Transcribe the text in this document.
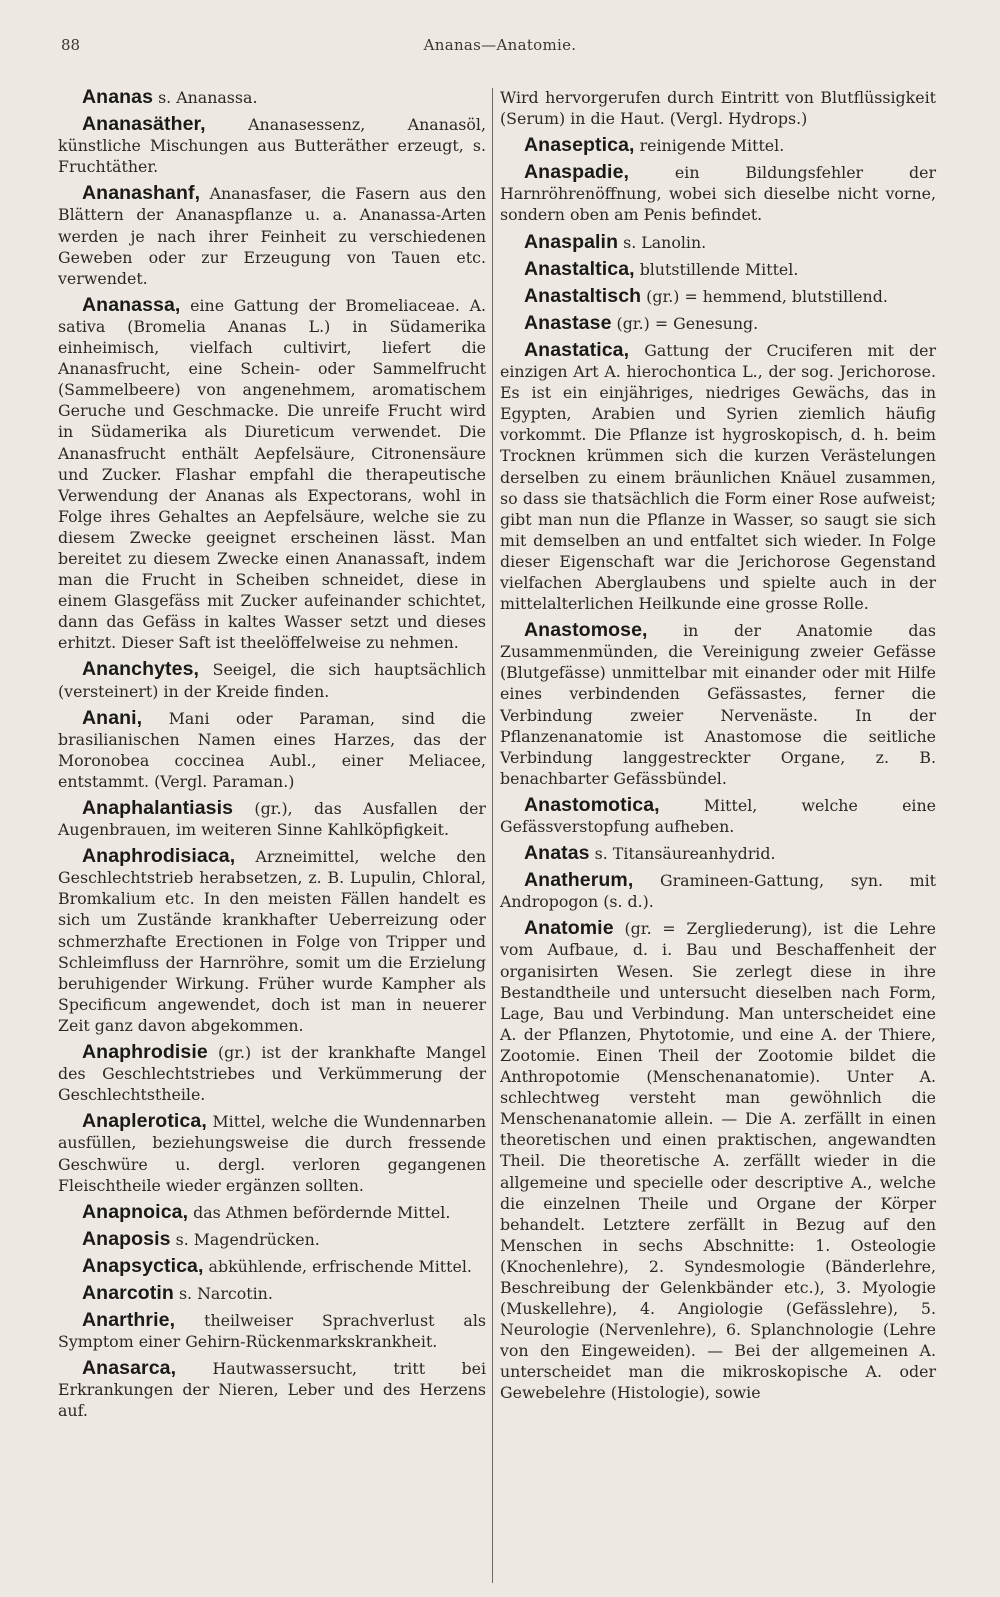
88	Ananas—Anatomie.

Ananas s. Ananassa.

Ananasäther, Ananasessenz, Ananasöl, künstliche Mischungen aus Butteräther erzeugt, s. Fruchtäther.

Ananashanf, Ananasfaser, die Fasern aus den Blättern der Ananaspflanze u. a. Ananassa-Arten werden je nach ihrer Feinheit zu verschiedenen Geweben oder zur Erzeugung von Tauen etc. verwendet.

Ananassa, eine Gattung der Bromeliaceae. A. sativa (Bromelia Ananas L.) in Südamerika einheimisch, vielfach cultivirt, liefert die Ananasfrucht, eine Schein- oder Sammelfrucht (Sammelbeere) von angenehmem, aromatischem Geruche und Geschmacke. Die unreife Frucht wird in Südamerika als Diureticum verwendet. Die Ananasfrucht enthält Aepfelsäure, Citronensäure und Zucker. Flashar empfahl die therapeutische Verwendung der Ananas als Expectorans, wohl in Folge ihres Gehaltes an Aepfelsäure, welche sie zu diesem Zwecke geeignet erscheinen lässt. Man bereitet zu diesem Zwecke einen Ananassaft, indem man die Frucht in Scheiben schneidet, diese in einem Glasgefäss mit Zucker aufeinander schichtet, dann das Gefäss in kaltes Wasser setzt und dieses erhitzt. Dieser Saft ist theelöffelweise zu nehmen.

Ananchytes, Seeigel, die sich hauptsächlich (versteinert) in der Kreide finden.

Anani, Mani oder Paraman, sind die brasilianischen Namen eines Harzes, das der Moronobea coccinea Aubl., einer Meliacee, entstammt. (Vergl. Paraman.)

Anaphalantiasis (gr.), das Ausfallen der Augenbrauen, im weiteren Sinne Kahlköpfigkeit.

Anaphrodisiaca, Arzneimittel, welche den Geschlechtstrieb herabsetzen, z. B. Lupulin, Chloral, Bromkalium etc. In den meisten Fällen handelt es sich um Zustände krankhafter Ueberreizung oder schmerzhafte Erectionen in Folge von Tripper und Schleimfluss der Harnröhre, somit um die Erzielung beruhigender Wirkung. Früher wurde Kampher als Specificum angewendet, doch ist man in neuerer Zeit ganz davon abgekommen.

Anaphrodisie (gr.) ist der krankhafte Mangel des Geschlechtstriebes und Verkümmerung der Geschlechtstheile.

Anaplerotica, Mittel, welche die Wundennarben ausfüllen, beziehungsweise die durch fressende Geschwüre u. dergl. verloren gegangenen Fleischtheile wieder ergänzen sollten.

Anapnoica, das Athmen befördernde Mittel.

Anaposis s. Magendrücken.

Anapsyctica, abkühlende, erfrischende Mittel.

Anarcotin s. Narcotin.

Anarthrie, theilweiser Sprachverlust als Symptom einer Gehirn-Rückenmarkskrankheit.

Anasarca, Hautwassersucht, tritt bei Erkrankungen der Nieren, Leber und des Herzens auf.

Wird hervorgerufen durch Eintritt von Blutflüssigkeit (Serum) in die Haut. (Vergl. Hydrops.)

Anaseptica, reinigende Mittel.

Anaspadie, ein Bildungsfehler der Harnröhrenöffnung, wobei sich dieselbe nicht vorne, sondern oben am Penis befindet.

Anaspalin s. Lanolin.

Anastaltica, blutstillende Mittel.

Anastaltisch (gr.) = hemmend, blutstillend.

Anastase (gr.) = Genesung.

Anastatica, Gattung der Cruciferen mit der einzigen Art A. hierochontica L., der sog. Jerichorose. Es ist ein einjähriges, niedriges Gewächs, das in Egypten, Arabien und Syrien ziemlich häufig vorkommt. Die Pflanze ist hygroskopisch, d. h. beim Trocknen krümmen sich die kurzen Verästelungen derselben zu einem bräunlichen Knäuel zusammen, so dass sie thatsächlich die Form einer Rose aufweist; gibt man nun die Pflanze in Wasser, so saugt sie sich mit demselben an und entfaltet sich wieder. In Folge dieser Eigenschaft war die Jerichorose Gegenstand vielfachen Aberglaubens und spielte auch in der mittelalterlichen Heilkunde eine grosse Rolle.

Anastomose, in der Anatomie das Zusammenmünden, die Vereinigung zweier Gefässe (Blutgefässe) unmittelbar mit einander oder mit Hilfe eines verbindenden Gefässastes, ferner die Verbindung zweier Nervenäste. In der Pflanzenanatomie ist Anastomose die seitliche Verbindung langgestreckter Organe, z. B. benachbarter Gefässbündel.

Anastomotica, Mittel, welche eine Gefässverstopfung aufheben.

Anatas s. Titansäureanhydrid.

Anatherum, Gramineen-Gattung, syn. mit Andropogon (s. d.).

Anatomie (gr. = Zergliederung), ist die Lehre vom Aufbaue, d. i. Bau und Beschaffenheit der organisirten Wesen. Sie zerlegt diese in ihre Bestandtheile und untersucht dieselben nach Form, Lage, Bau und Verbindung. Man unterscheidet eine A. der Pflanzen, Phytotomie, und eine A. der Thiere, Zootomie. Einen Theil der Zootomie bildet die Anthropotomie (Menschenanatomie). Unter A. schlechtweg versteht man gewöhnlich die Menschenanatomie allein. — Die A. zerfällt in einen theoretischen und einen praktischen, angewandten Theil. Die theoretische A. zerfällt wieder in die allgemeine und specielle oder descriptive A., welche die einzelnen Theile und Organe der Körper behandelt. Letztere zerfällt in Bezug auf den Menschen in sechs Abschnitte: 1. Osteologie (Knochenlehre), 2. Syndesmologie (Bänderlehre, Beschreibung der Gelenkbänder etc.), 3. Myologie (Muskellehre), 4. Angiologie (Gefässlehre), 5. Neurologie (Nervenlehre), 6. Splanchnologie (Lehre von den Eingeweiden). — Bei der allgemeinen A. unterscheidet man die mikroskopische A. oder Gewebelehre (Histologie), sowie
